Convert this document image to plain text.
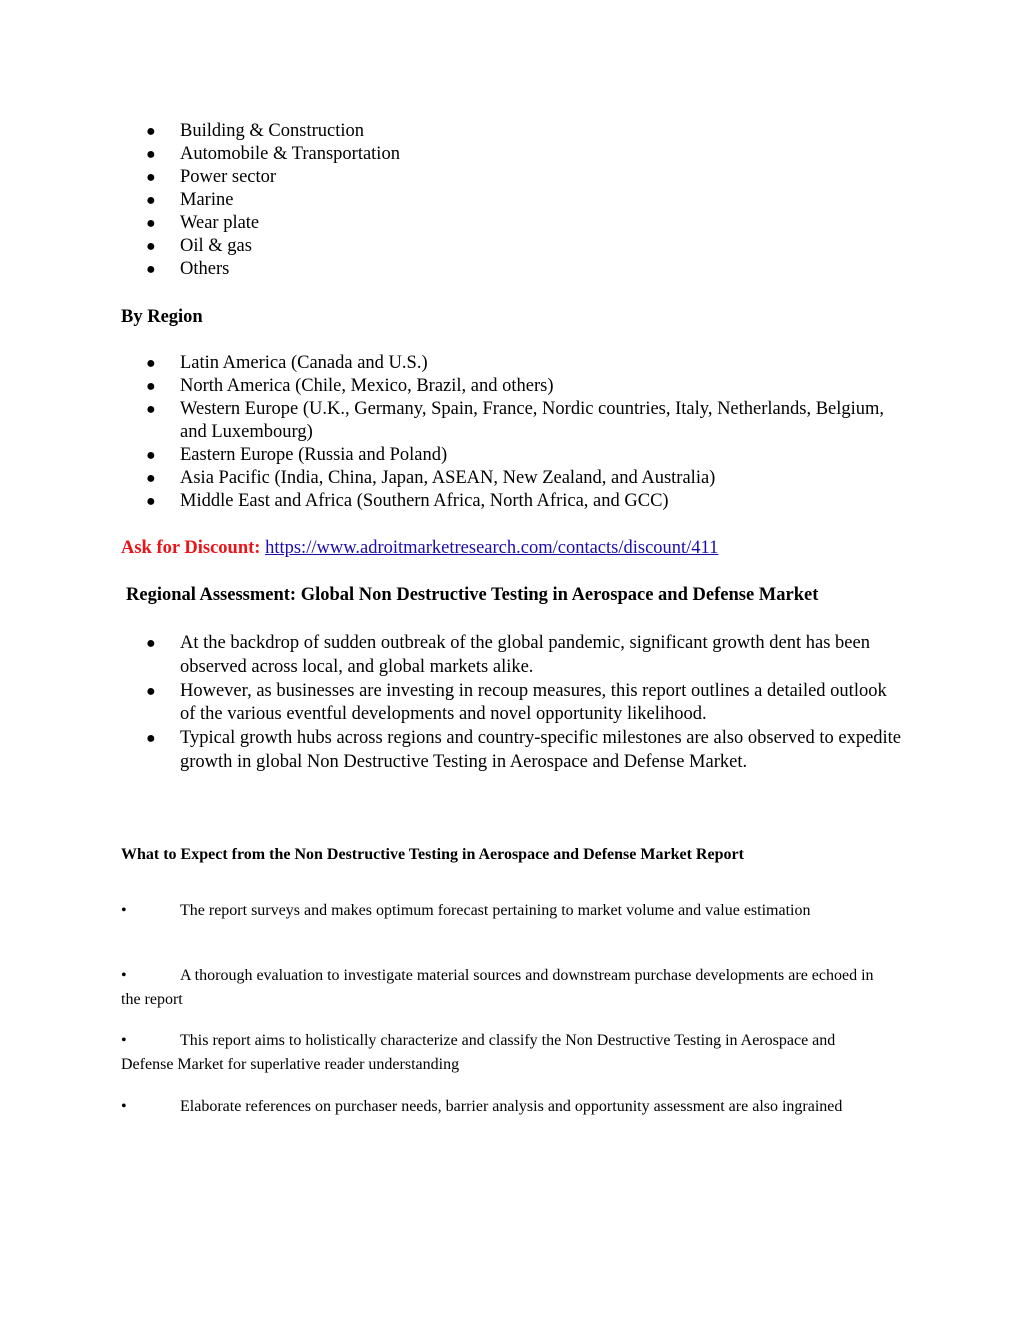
● Building & Construction
● Automobile & Transportation
● Power sector
● Marine
● Wear plate
● Oil & gas
● Others
By Region
● Latin America (Canada and U.S.)
● North America (Chile, Mexico, Brazil, and others)
● Western Europe (U.K., Germany, Spain, France, Nordic countries, Italy, Netherlands, Belgium, and Luxembourg)
● Eastern Europe (Russia and Poland)
● Asia Pacific (India, China, Japan, ASEAN, New Zealand, and Australia)
● Middle East and Africa (Southern Africa, North Africa, and GCC)
Ask for Discount: https://www.adroitmarketresearch.com/contacts/discount/411
Regional Assessment: Global Non Destructive Testing in Aerospace and Defense Market
● At the backdrop of sudden outbreak of the global pandemic, significant growth dent has been observed across local, and global markets alike.
● However, as businesses are investing in recoup measures, this report outlines a detailed outlook of the various eventful developments and novel opportunity likelihood.
● Typical growth hubs across regions and country-specific milestones are also observed to expedite growth in global Non Destructive Testing in Aerospace and Defense Market.
What to Expect from the Non Destructive Testing in Aerospace and Defense Market Report

•	The report surveys and makes optimum forecast pertaining to market volume and value estimation

•	A thorough evaluation to investigate material sources and downstream purchase developments are echoed in the report

•	This report aims to holistically characterize and classify the Non Destructive Testing in Aerospace and Defense Market for superlative reader understanding

•	Elaborate references on purchaser needs, barrier analysis and opportunity assessment are also ingrained
